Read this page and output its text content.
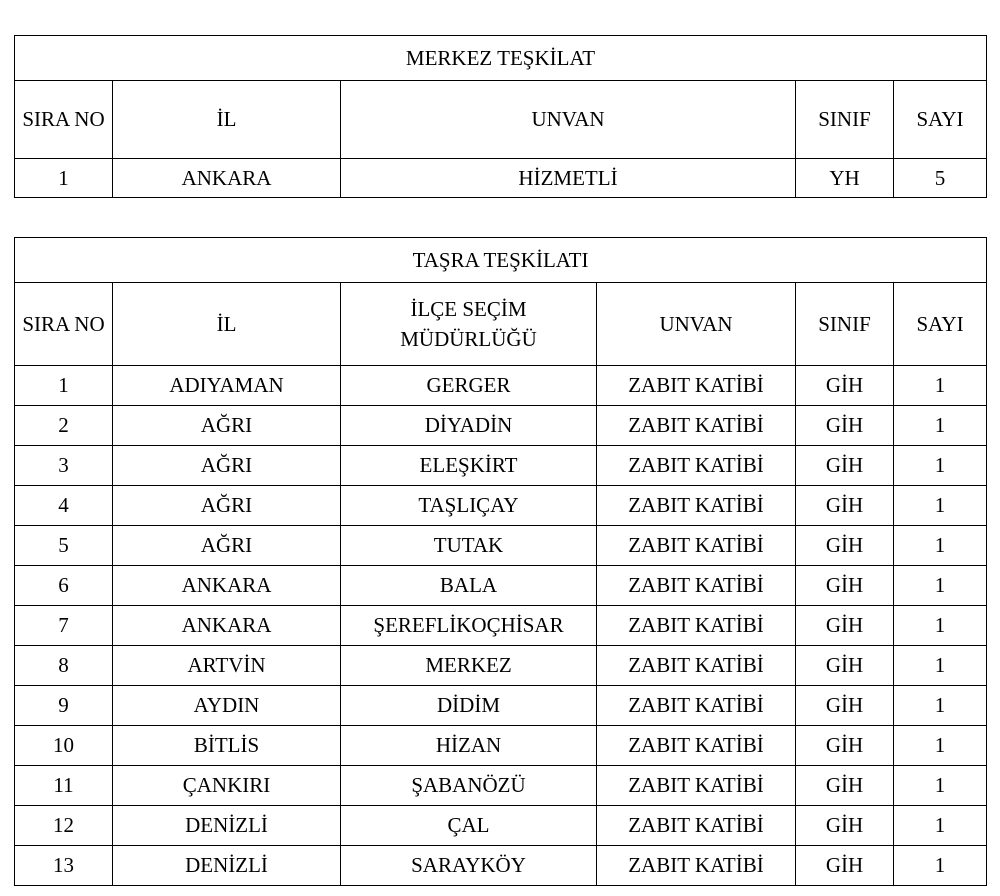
MERKEZ TEŞKİLAT				
SIRA NO	İL	UNVAN	SINIF	SAYI
1	ANKARA	HİZMETLİ	YH	5
TAŞRA TEŞKİLATI					
SIRA NO	İL	İLÇE SEÇİM MÜDÜRLÜĞÜ	UNVAN	SINIF	SAYI
1	ADIYAMAN	GERGER	ZABIT KATİBİ	GİH	1
2	AĞRI	DİYADİN	ZABIT KATİBİ	GİH	1
3	AĞRI	ELEŞKİRT	ZABIT KATİBİ	GİH	1
4	AĞRI	TAŞLIÇAY	ZABIT KATİBİ	GİH	1
5	AĞRI	TUTAK	ZABIT KATİBİ	GİH	1
6	ANKARA	BALA	ZABIT KATİBİ	GİH	1
7	ANKARA	ŞEREFLİKOÇHİSAR	ZABIT KATİBİ	GİH	1
8	ARTVİN	MERKEZ	ZABIT KATİBİ	GİH	1
9	AYDIN	DİDİM	ZABIT KATİBİ	GİH	1
10	BİTLİS	HİZAN	ZABIT KATİBİ	GİH	1
11	ÇANKIRI	ŞABANÖZÜ	ZABIT KATİBİ	GİH	1
12	DENİZLİ	ÇAL	ZABIT KATİBİ	GİH	1
13	DENİZLİ	SARAYKÖY	ZABIT KATİBİ	GİH	1
